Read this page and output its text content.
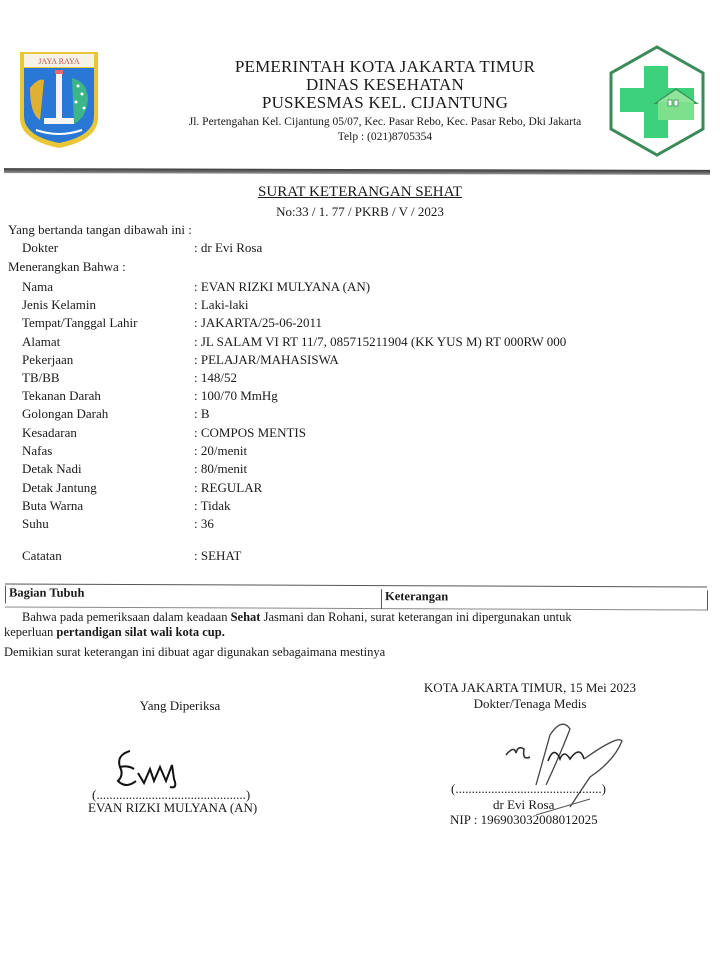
JAYA RAYA	PEMERINTAH KOTA JAKARTA TIMUR
DINAS KESEHATAN
PUSKESMAS KEL. CIJANTUNG
Jl. Pertengahan Kel. Cijantung 05/07, Kec. Pasar Rebo, Kec. Pasar Rebo, Dki Jakarta
Telp : (021)8705354
SURAT KETERANGAN SEHAT
No:33 / 1. 77 / PKRB / V / 2023
Yang bertanda tangan dibawah ini :
Dokter	: dr Evi Rosa
Menerangkan Bahwa :
Nama	: EVAN RIZKI MULYANA (AN)
Jenis Kelamin	: Laki-laki
Tempat/Tanggal Lahir	: JAKARTA/25-06-2011
Alamat	: JL SALAM VI RT 11/7, 085715211904 (KK YUS M) RT 000RW 000
Pekerjaan	: PELAJAR/MAHASISWA
TB/BB	: 148/52
Tekanan Darah	: 100/70 MmHg
Golongan Darah	: B
Kesadaran	: COMPOS MENTIS
Nafas	: 20/menit
Detak Nadi	: 80/menit
Detak Jantung	: REGULAR
Buta Warna	: Tidak
Suhu	: 36
Catatan	: SEHAT
Bagian Tubuh	Keterangan
Bahwa pada pemeriksaan dalam keadaan Sehat Jasmani dan Rohani, surat keterangan ini dipergunakan untuk
keperluan pertandigan silat wali kota cup.
Demikian surat keterangan ini dibuat agar digunakan sebagaimana mestinya
Yang Diperiksa
(..............................................)
EVAN RIZKI MULYANA (AN)
KOTA JAKARTA TIMUR, 15 Mei 2023
Dokter/Tenaga Medis
(.............................................)
dr Evi Rosa
NIP : 196903032008012025
